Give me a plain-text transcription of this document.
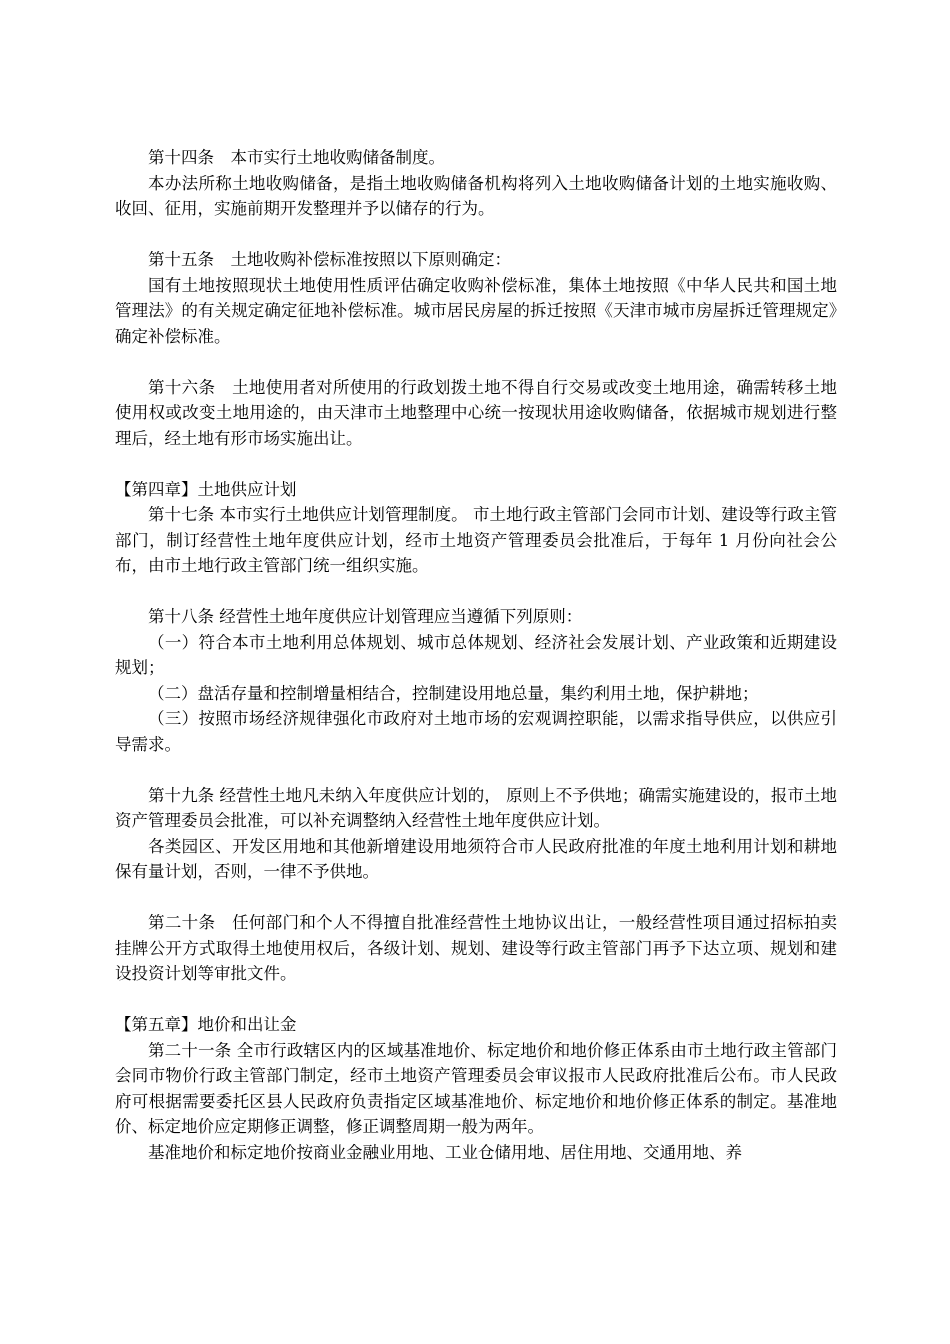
第十四条　本市实行土地收购储备制度。

本办法所称土地收购储备，是指土地收购储备机构将列入土地收购储备计划的土地实施收购、收回、征用，实施前期开发整理并予以储存的行为。

第十五条　土地收购补偿标准按照以下原则确定：

国有土地按照现状土地使用性质评估确定收购补偿标准，集体土地按照《中华人民共和国土地管理法》的有关规定确定征地补偿标准。城市居民房屋的拆迁按照《天津市城市房屋拆迁管理规定》确定补偿标准。

第十六条　土地使用者对所使用的行政划拨土地不得自行交易或改变土地用途，确需转移土地使用权或改变土地用途的，由天津市土地整理中心统一按现状用途收购储备，依据城市规划进行整理后，经土地有形市场实施出让。

【第四章】土地供应计划

第十七条 本市实行土地供应计划管理制度。 市土地行政主管部门会同市计划、建设等行政主管部门，制订经营性土地年度供应计划，经市土地资产管理委员会批准后，于每年 1 月份向社会公布，由市土地行政主管部门统一组织实施。

第十八条 经营性土地年度供应计划管理应当遵循下列原则：

（一）符合本市土地利用总体规划、城市总体规划、经济社会发展计划、产业政策和近期建设规划；

（二）盘活存量和控制增量相结合，控制建设用地总量，集约利用土地，保护耕地；

（三）按照市场经济规律强化市政府对土地市场的宏观调控职能，以需求指导供应，以供应引导需求。

第十九条 经营性土地凡未纳入年度供应计划的， 原则上不予供地；确需实施建设的，报市土地资产管理委员会批准，可以补充调整纳入经营性土地年度供应计划。

各类园区、开发区用地和其他新增建设用地须符合市人民政府批准的年度土地利用计划和耕地保有量计划，否则，一律不予供地。

第二十条　任何部门和个人不得擅自批准经营性土地协议出让，一般经营性项目通过招标拍卖挂牌公开方式取得土地使用权后，各级计划、规划、建设等行政主管部门再予下达立项、规划和建设投资计划等审批文件。

【第五章】地价和出让金

第二十一条 全市行政辖区内的区域基准地价、标定地价和地价修正体系由市土地行政主管部门会同市物价行政主管部门制定，经市土地资产管理委员会审议报市人民政府批准后公布。市人民政府可根据需要委托区县人民政府负责指定区域基准地价、标定地价和地价修正体系的制定。基准地价、标定地价应定期修正调整，修正调整周期一般为两年。

基准地价和标定地价按商业金融业用地、工业仓储用地、居住用地、交通用地、养
